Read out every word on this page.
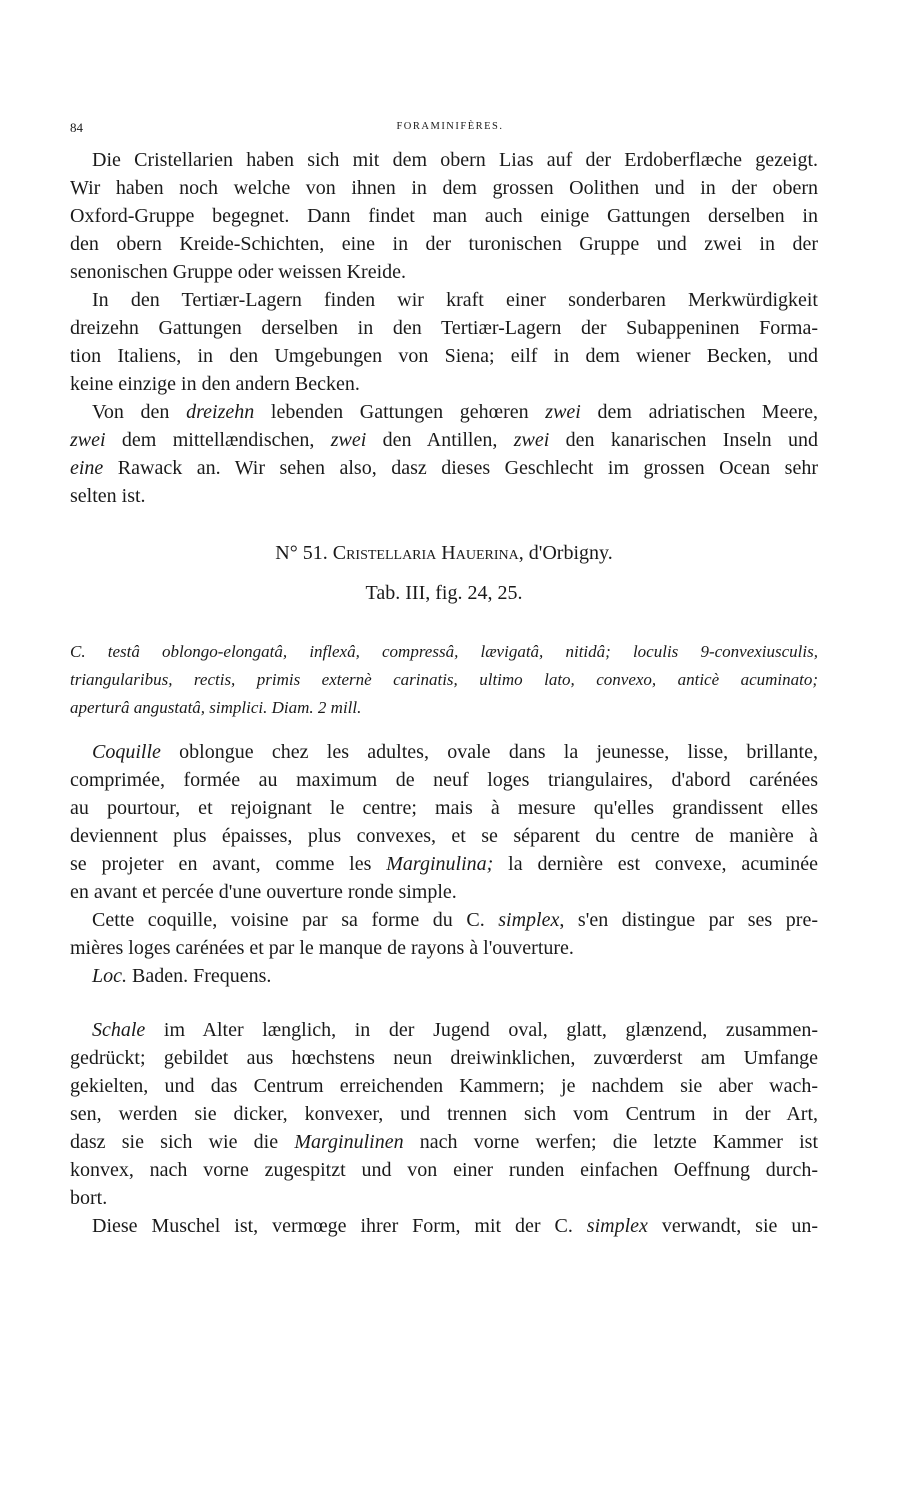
84	FORAMINIFÈRES.
Die Cristellarien haben sich mit dem obern Lias auf der Erdoberflæche gezeigt.
Wir haben noch welche von ihnen in dem grossen Oolithen und in der obern
Oxford-Gruppe begegnet. Dann findet man auch einige Gattungen derselben in
den obern Kreide-Schichten, eine in der turonischen Gruppe und zwei in der
senonischen Gruppe oder weissen Kreide.
In den Tertiær-Lagern finden wir kraft einer sonderbaren Merkwürdigkeit
dreizehn Gattungen derselben in den Tertiær-Lagern der Subappeninen Forma-
tion Italiens, in den Umgebungen von Siena; eilf in dem wiener Becken, und
keine einzige in den andern Becken.
Von den dreizehn lebenden Gattungen gehœren zwei dem adriatischen Meere,
zwei dem mittellændischen, zwei den Antillen, zwei den kanarischen Inseln und
eine Rawack an. Wir sehen also, dasz dieses Geschlecht im grossen Ocean sehr
selten ist.
N° 51. Cristellaria Hauerina, d'Orbigny.
Tab. III, fig. 24, 25.
C. testâ oblongo-elongatâ, inflexâ, compressâ, lævigatâ, nitidâ; loculis 9-convexiusculis,
triangularibus, rectis, primis externè carinatis, ultimo lato, convexo, anticè acuminato;
aperturâ angustatâ, simplici. Diam. 2 mill.
Coquille oblongue chez les adultes, ovale dans la jeunesse, lisse, brillante,
comprimée, formée au maximum de neuf loges triangulaires, d'abord carénées
au pourtour, et rejoignant le centre; mais à mesure qu'elles grandissent elles
deviennent plus épaisses, plus convexes, et se séparent du centre de manière à
se projeter en avant, comme les Marginulina; la dernière est convexe, acuminée
en avant et percée d'une ouverture ronde simple.
Cette coquille, voisine par sa forme du C. simplex, s'en distingue par ses pre-
mières loges carénées et par le manque de rayons à l'ouverture.
Loc. Baden. Frequens.
Schale im Alter længlich, in der Jugend oval, glatt, glænzend, zusammen-
gedrückt; gebildet aus hœchstens neun dreiwinklichen, zuvœrderst am Umfange
gekielten, und das Centrum erreichenden Kammern; je nachdem sie aber wach-
sen, werden sie dicker, konvexer, und trennen sich vom Centrum in der Art,
dasz sie sich wie die Marginulinen nach vorne werfen; die letzte Kammer ist
konvex, nach vorne zugespitzt und von einer runden einfachen Oeffnung durch-
bort.
Diese Muschel ist, vermœge ihrer Form, mit der C. simplex verwandt, sie un-
